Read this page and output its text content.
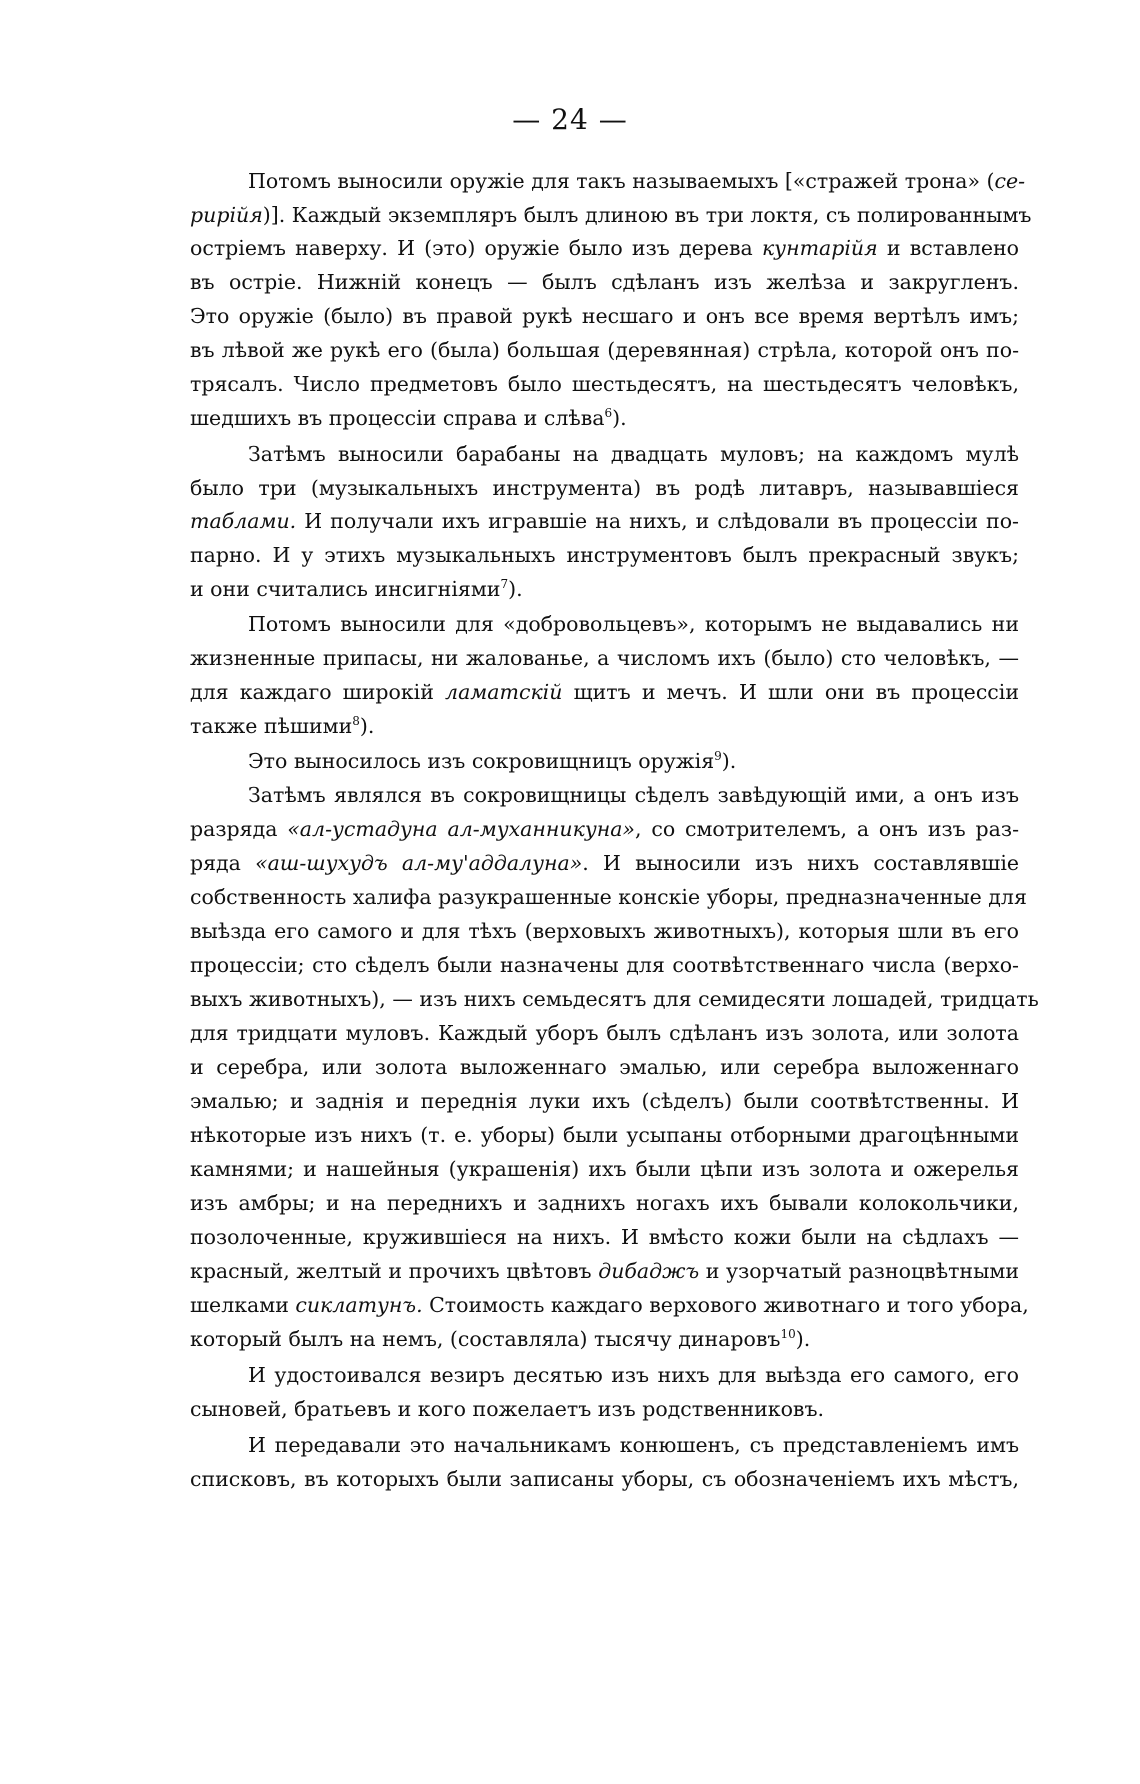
— 24 —
Потомъ выносили оружіе для такъ называемыхъ [«стражей трона» (се-
рирійя)]. Каждый экземпляръ былъ длиною въ три локтя, съ полированнымъ
остріемъ наверху. И (это) оружіе было изъ дерева кунтарійя и вставлено
въ остріе. Нижній конецъ — былъ сдѣланъ изъ желѣза и закругленъ.
Это оружіе (было) въ правой рукѣ несшаго и онъ все время вертѣлъ имъ;
въ лѣвой же рукѣ его (была) большая (деревянная) стрѣла, которой онъ по-
трясалъ. Число предметовъ было шестьдесятъ, на шестьдесятъ человѣкъ,
шедшихъ въ процессіи справа и слѣва$^6$).
Затѣмъ выносили барабаны на двадцать муловъ; на каждомъ мулѣ
было три (музыкальныхъ инструмента) въ родѣ литавръ, называвшіеся
таблами. И получали ихъ игравшіе на нихъ, и слѣдовали въ процессіи по-
парно. И у этихъ музыкальныхъ инструментовъ былъ прекрасный звукъ;
и они считались инсигніями$^7$).
Потомъ выносили для «добровольцевъ», которымъ не выдавались ни
жизненные припасы, ни жалованье, а числомъ ихъ (было) сто человѣкъ, —
для каждаго широкій ламатскій щитъ и мечъ. И шли они въ процессіи
также пѣшими$^8$).
Это выносилось изъ сокровищницъ оружія$^9$).
Затѣмъ являлся въ сокровищницы сѣделъ завѣдующій ими, а онъ изъ
разряда «ал-устадуна ал-муханникуна», со смотрителемъ, а онъ изъ раз-
ряда «аш-шухудъ ал-му'аддалуна». И выносили изъ нихъ составлявшіе
собственность халифа разукрашенные конскіе уборы, предназначенные для
выѣзда его самого и для тѣхъ (верховыхъ животныхъ), которыя шли въ его
процессіи; сто сѣделъ были назначены для соотвѣтственнаго числа (верхо-
выхъ животныхъ), — изъ нихъ семьдесятъ для семидесяти лошадей, тридцать
для тридцати муловъ. Каждый уборъ былъ сдѣланъ изъ золота, или золота
и серебра, или золота выложеннаго эмалью, или серебра выложеннаго
эмалью; и заднія и переднія луки ихъ (сѣделъ) были соотвѣтственны. И
нѣкоторые изъ нихъ (т. е. уборы) были усыпаны отборными драгоцѣнными
камнями; и нашейныя (украшенія) ихъ были цѣпи изъ золота и ожерелья
изъ амбры; и на переднихъ и заднихъ ногахъ ихъ бывали колокольчики,
позолоченные, кружившіеся на нихъ. И вмѣсто кожи были на сѣдлахъ —
красный, желтый и прочихъ цвѣтовъ дибаджъ и узорчатый разноцвѣтными
шелками сиклатунъ. Стоимость каждаго верхового животнаго и того убора,
который былъ на немъ, (составляла) тысячу динаровъ$^{10}$).
И удостоивался везиръ десятью изъ нихъ для выѣзда его самого, его
сыновей, братьевъ и кого пожелаетъ изъ родственниковъ.
И передавали это начальникамъ конюшенъ, съ представленіемъ имъ
списковъ, въ которыхъ были записаны уборы, съ обозначеніемъ ихъ мѣстъ,
